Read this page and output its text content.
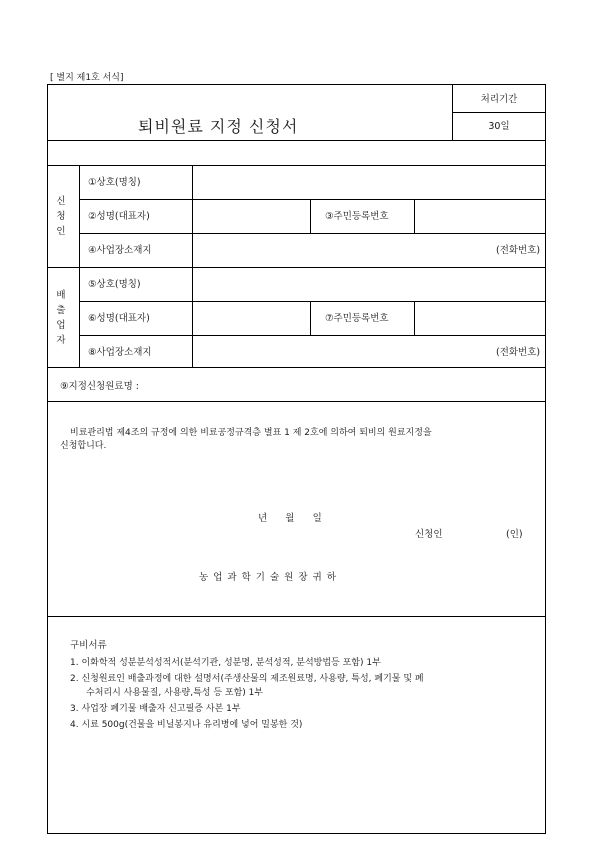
[ 별지 제1호 서식]
퇴비원료 지정 신청서
처리기간
30일
신
청
인
①상호(명칭)
②성명(대표자)	③주민등록번호
④사업장소재지	(전화번호)
배
출
업
자
⑤상호(명칭)
⑥성명(대표자)	⑦주민등록번호
⑧사업장소재지	(전화번호)
⑨지정신청원료명 :
비료관리법 제4조의 규정에 의한 비료공정규격층 별표 1 제 2호에 의하여 퇴비의 원료지정을
신청합니다.
년      월      일
신청인	(인)
농 업 과 학 기 술 원 장 귀 하
구비서류
1. 이화학적 성분분석성적서(분석기관, 성분명, 분석성적, 분석방법등 포함) 1부
2. 신청원료인 배출과정에 대한 설명서(주생산물의 제조원료명, 사용량, 특성, 폐기물 및 폐
수처리시 사용물질, 사용량,특성 등 포함) 1부
3. 사업장 폐기물 배출자 신고필증 사본 1부
4. 시료 500g(건물을 비닐봉지나 유리병에 넣어 밀봉한 것)
